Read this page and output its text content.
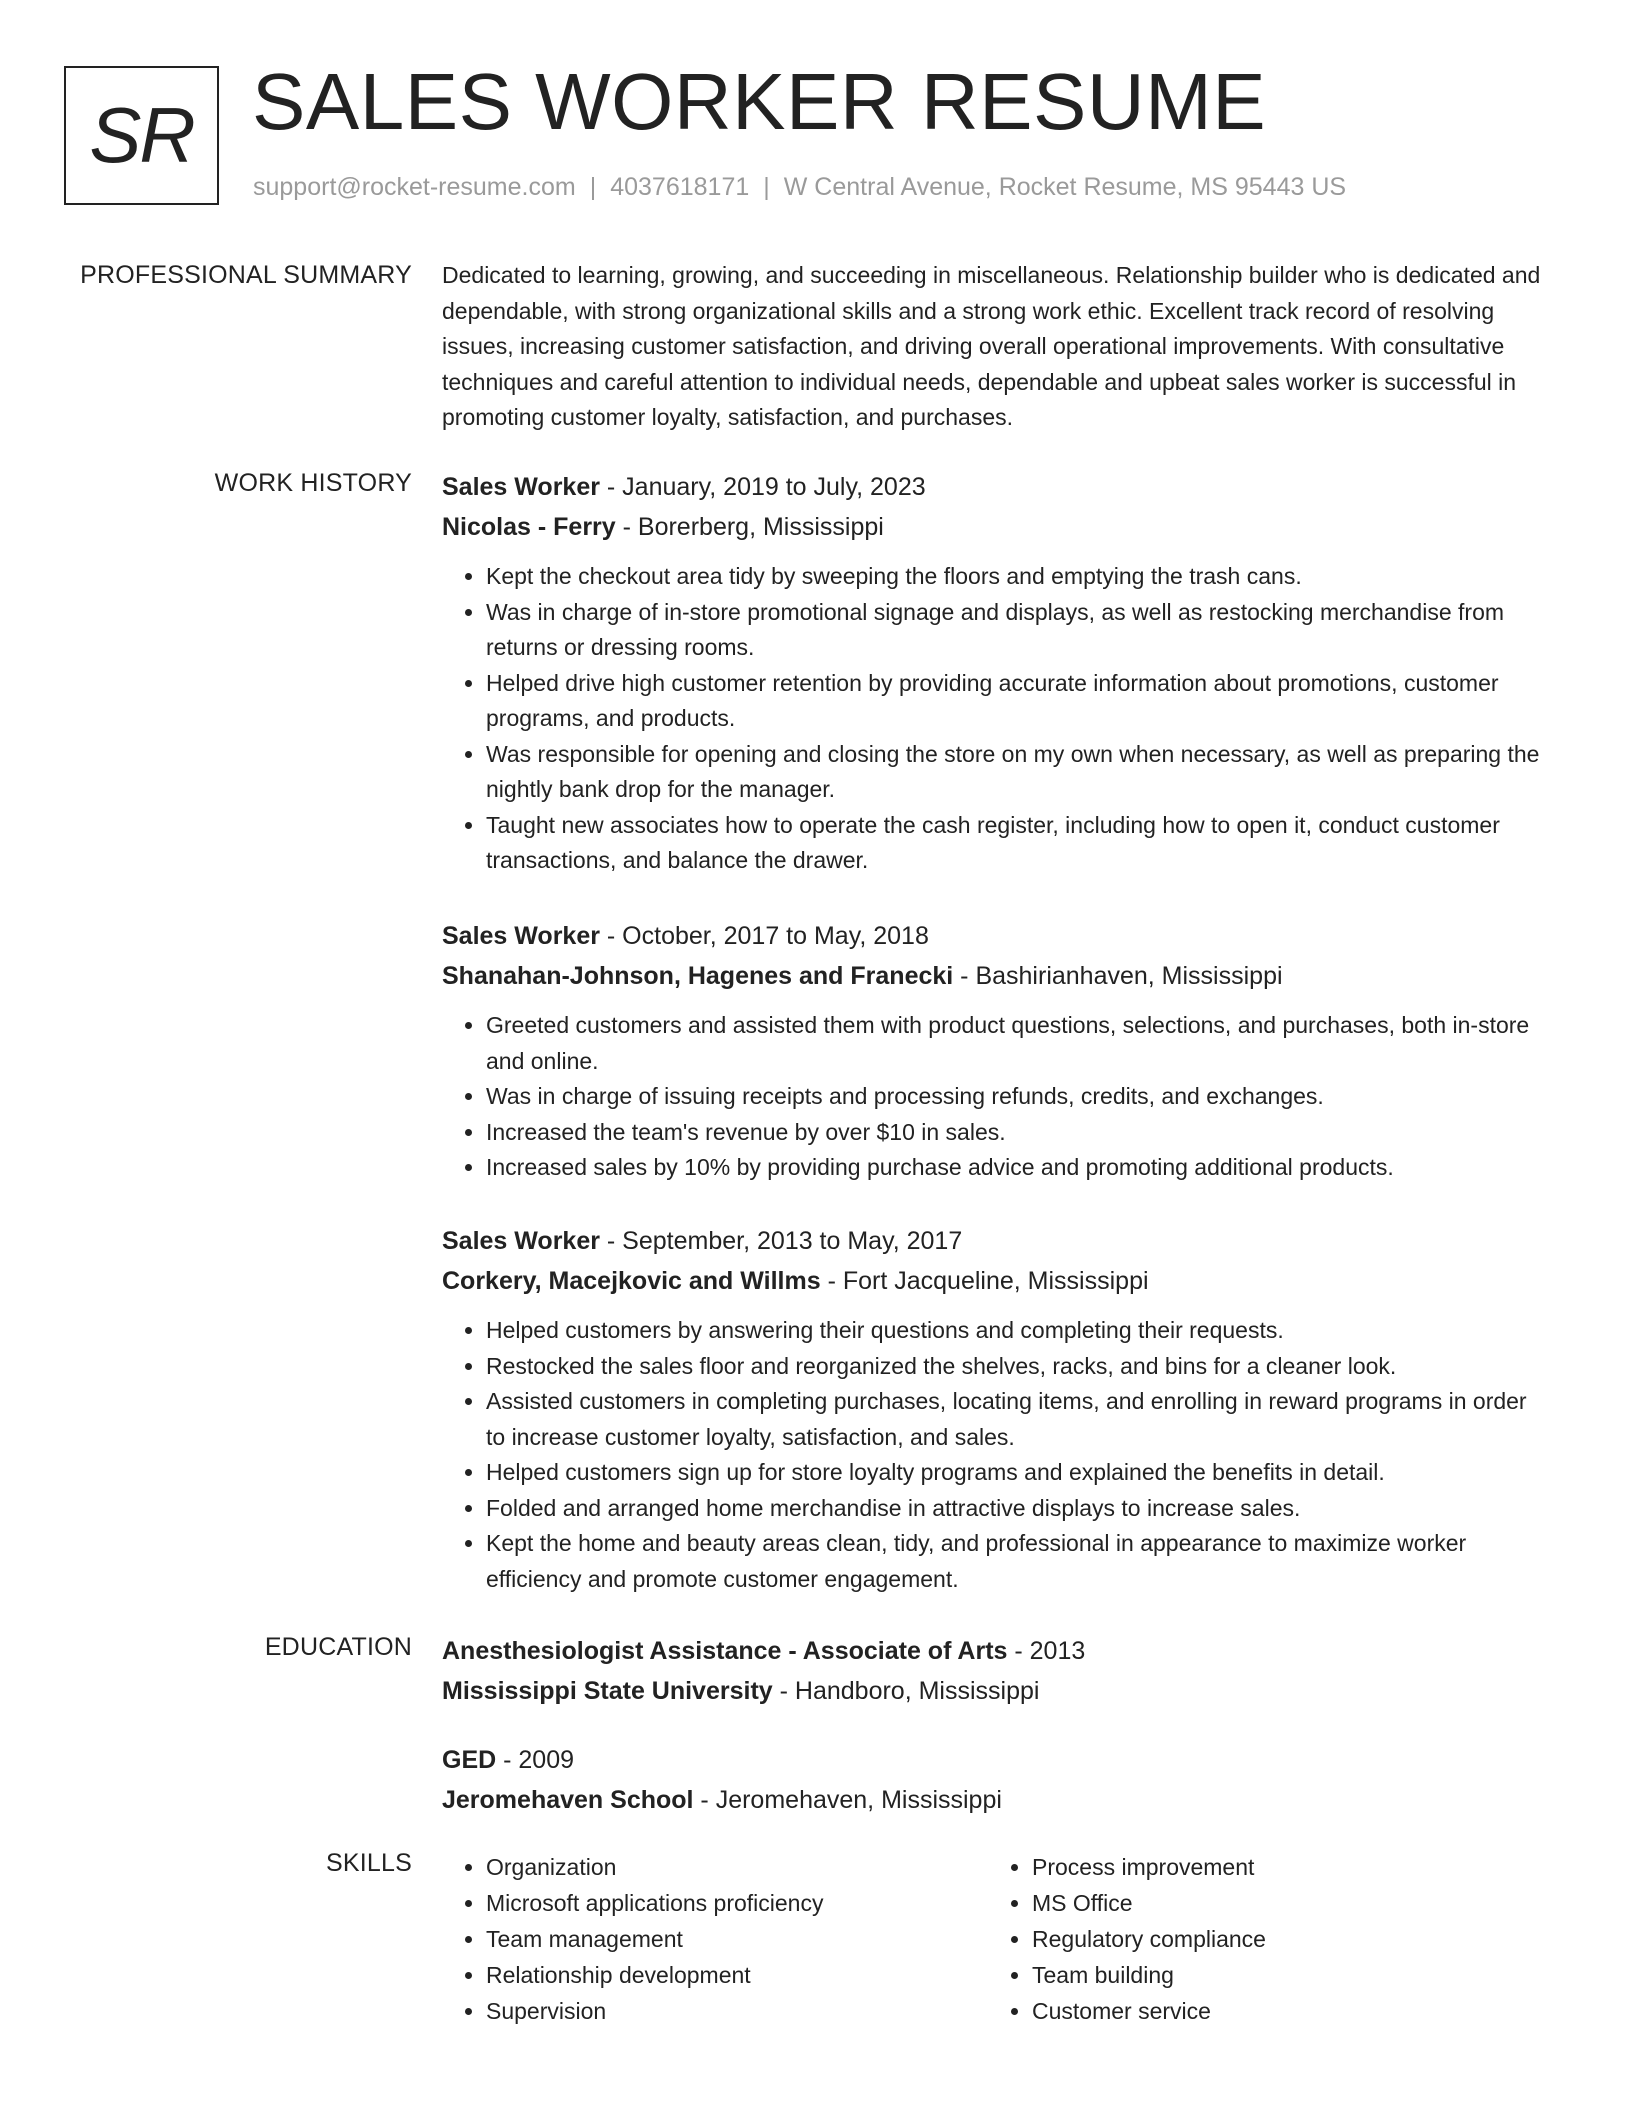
SR SALES WORKER RESUME
support@rocket-resume.com | 4037618171 | W Central Avenue, Rocket Resume, MS 95443 US
PROFESSIONAL SUMMARY Dedicated to learning, growing, and succeeding in miscellaneous. Relationship builder who is dedicated and dependable, with strong organizational skills and a strong work ethic. Excellent track record of resolving issues, increasing customer satisfaction, and driving overall operational improvements. With consultative techniques and careful attention to individual needs, dependable and upbeat sales worker is successful in promoting customer loyalty, satisfaction, and purchases.

WORK HISTORY Sales Worker - January, 2019 to July, 2023
Nicolas - Ferry - Borerberg, Mississippi
• Kept the checkout area tidy by sweeping the floors and emptying the trash cans.
• Was in charge of in-store promotional signage and displays, as well as restocking merchandise from returns or dressing rooms.
• Helped drive high customer retention by providing accurate information about promotions, customer programs, and products.
• Was responsible for opening and closing the store on my own when necessary, as well as preparing the nightly bank drop for the manager.
• Taught new associates how to operate the cash register, including how to open it, conduct customer transactions, and balance the drawer.
Sales Worker - October, 2017 to May, 2018
Shanahan-Johnson, Hagenes and Franecki - Bashirianhaven, Mississippi
• Greeted customers and assisted them with product questions, selections, and purchases, both in-store and online.
• Was in charge of issuing receipts and processing refunds, credits, and exchanges.
• Increased the team's revenue by over $10 in sales.
• Increased sales by 10% by providing purchase advice and promoting additional products.
Sales Worker - September, 2013 to May, 2017
Corkery, Macejkovic and Willms - Fort Jacqueline, Mississippi
• Helped customers by answering their questions and completing their requests.
• Restocked the sales floor and reorganized the shelves, racks, and bins for a cleaner look.
• Assisted customers in completing purchases, locating items, and enrolling in reward programs in order to increase customer loyalty, satisfaction, and sales.
• Helped customers sign up for store loyalty programs and explained the benefits in detail.
• Folded and arranged home merchandise in attractive displays to increase sales.
• Kept the home and beauty areas clean, tidy, and professional in appearance to maximize worker efficiency and promote customer engagement.
EDUCATION Anesthesiologist Assistance - Associate of Arts - 2013
Mississippi State University - Handboro, Mississippi
GED - 2009
Jeromehaven School - Jeromehaven, Mississippi
SKILLS
•	Organization
• Microsoft applications proficiency
• Team management
• Relationship development
• Supervision
• Process improvement
• MS Office
• Regulatory compliance
• Team building
• Customer service
